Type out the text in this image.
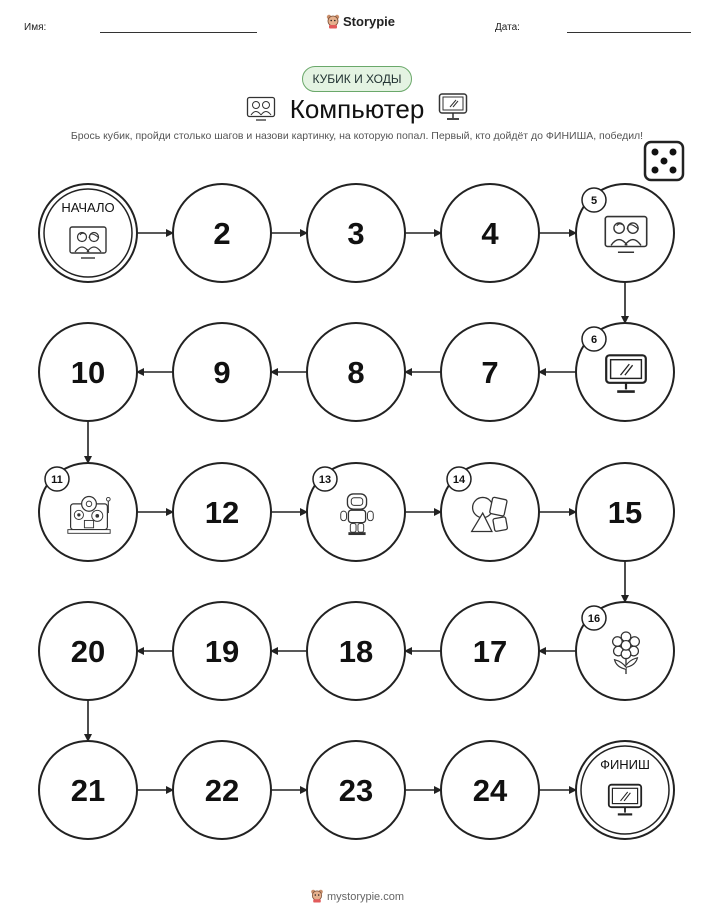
Имя:	Storypie	Дата:
КУБИК И ХОДЫ
Компьютер
Брось кубик, пройди столько шагов и назови картинку, на которую попал. Первый, кто дойдёт до ФИНИША, победил!
НАЧАЛО
2	3	4
5
6
7
8
9
10
11
12
13	14
15
16
17
18
19
20
21	22	23	24
ФИНИШ
mystorypie.com
